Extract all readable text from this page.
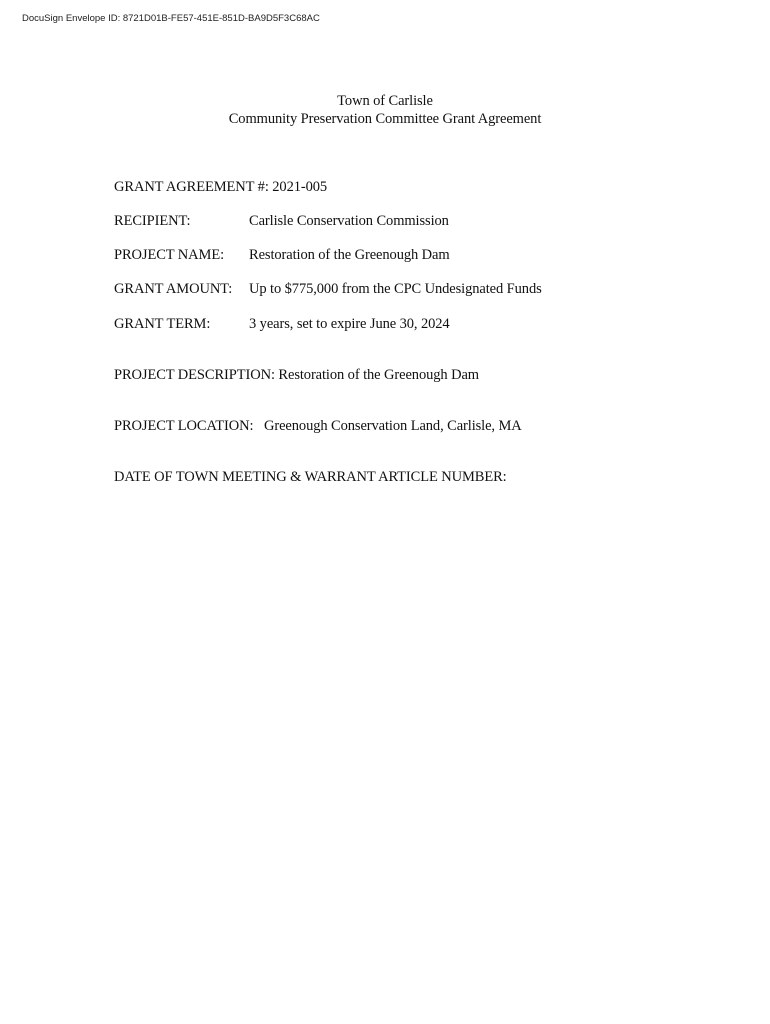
DocuSign Envelope ID: 8721D01B-FE57-451E-851D-BA9D5F3C68AC
Town of Carlisle
Community Preservation Committee Grant Agreement
GRANT AGREEMENT #: 2021-005
RECIPIENT:	Carlisle Conservation Commission
PROJECT NAME: Restoration of the Greenough Dam
GRANT AMOUNT: Up to $775,000 from the CPC Undesignated Funds
GRANT TERM:	3 years, set to expire June 30, 2024
PROJECT DESCRIPTION: Restoration of the Greenough Dam
PROJECT LOCATION:   Greenough Conservation Land, Carlisle, MA
DATE OF TOWN MEETING & WARRANT ARTICLE NUMBER:
